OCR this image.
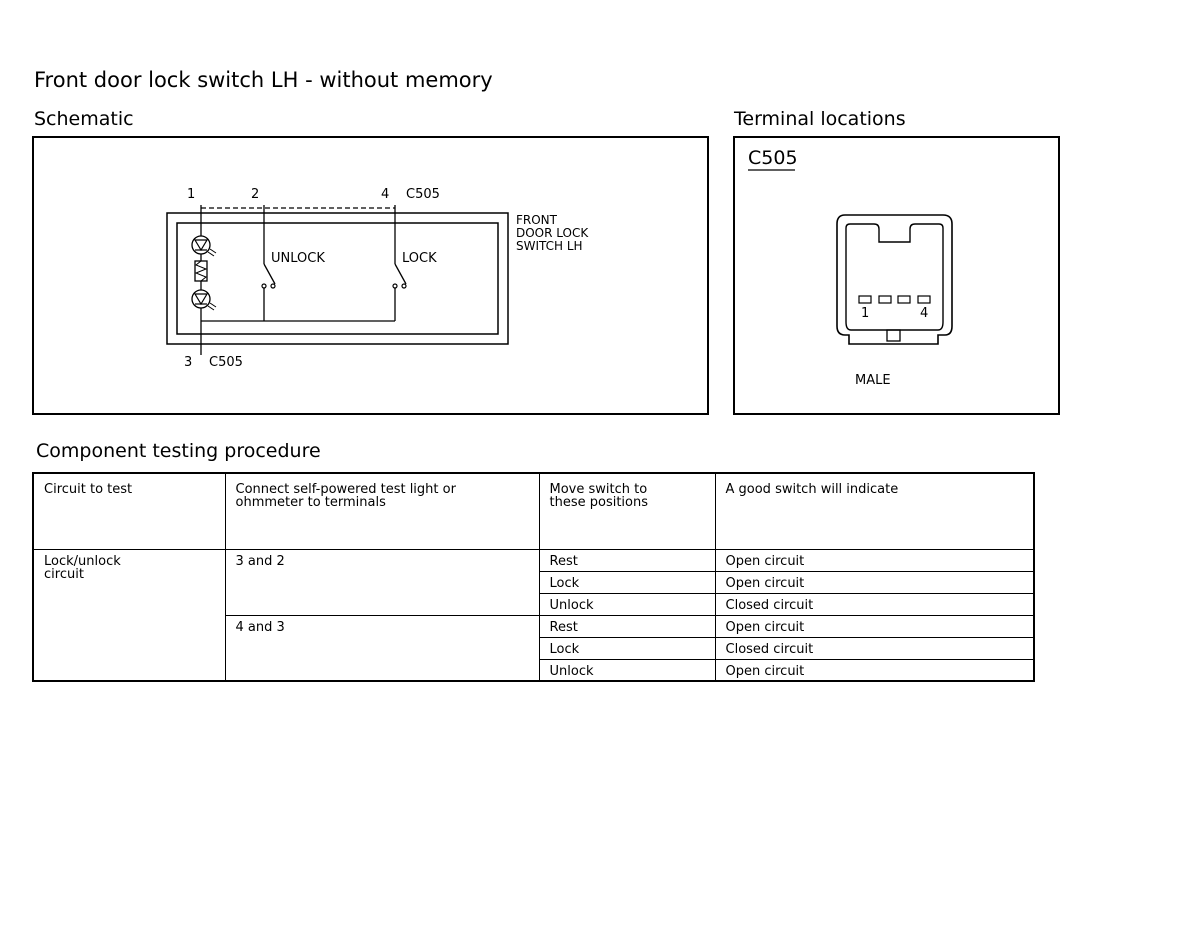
Front door lock switch LH - without memory
Schematic
1	2	4 C505
3 C505
UNLOCK	LOCK
FRONT
DOOR LOCK
SWITCH LH
Terminal locations
C505
1	4
MALE
Component testing procedure
Circuit to test	Connect self-powered test light or ohmmeter to terminals	Move switch to these positions	A good switch will indicate
Lock/unlock circuit	3 and 2	Rest	Open circuit
		Lock	Open circuit
		Unlock	Closed circuit
	4 and 3	Rest	Open circuit
		Lock	Closed circuit
		Unlock	Open circuit
